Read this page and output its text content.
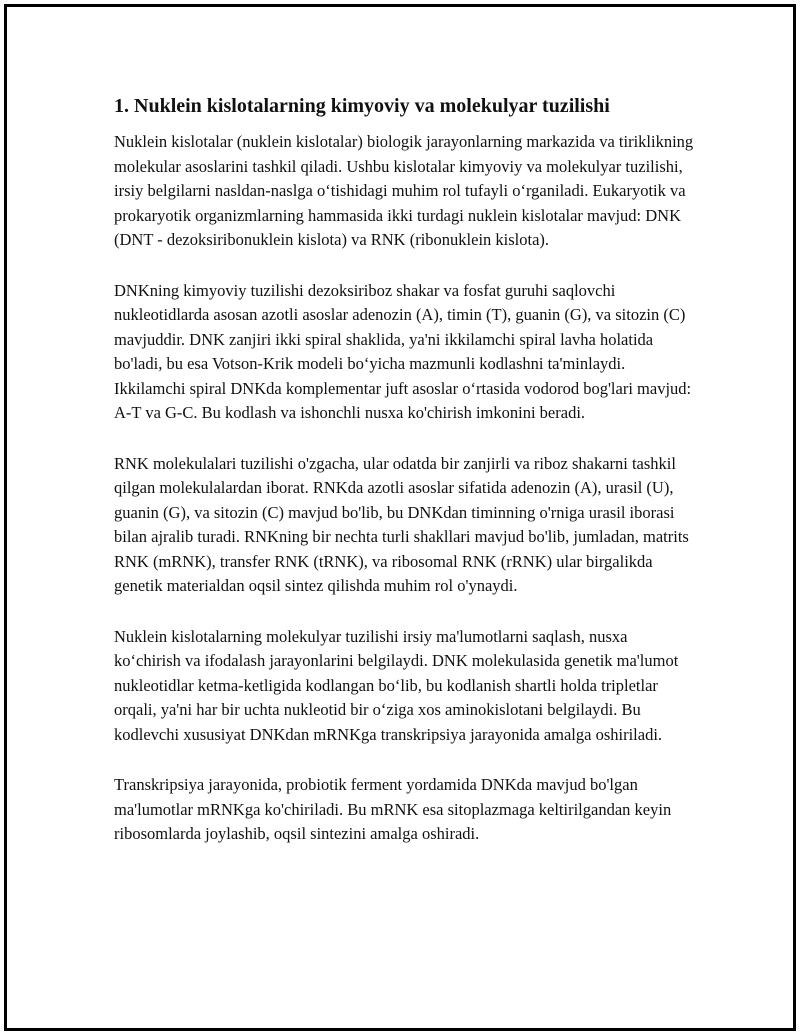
1. Nuklein kislotalarning kimyoviy va molekulyar tuzilishi

Nuklein kislotalar (nuklein kislotalar) biologik jarayonlarning markazida va tiriklikning molekular asoslarini tashkil qiladi. Ushbu kislotalar kimyoviy va molekulyar tuzilishi, irsiy belgilarni nasldan-naslga o‘tishidagi muhim rol tufayli o‘rganiladi. Eukaryotik va prokaryotik organizmlarning hammasida ikki turdagi nuklein kislotalar mavjud: DNK (DNT - dezoksiribonuklein kislota) va RNK (ribonuklein kislota).

DNKning kimyoviy tuzilishi dezoksiriboz shakar va fosfat guruhi saqlovchi nukleotidlarda asosan azotli asoslar adenozin (A), timin (T), guanin (G), va sitozin (C) mavjuddir. DNK zanjiri ikki spiral shaklida, ya'ni ikkilamchi spiral lavha holatida bo'ladi, bu esa Votson-Krik modeli bo‘yicha mazmunli kodlashni ta'minlaydi. Ikkilamchi spiral DNKda komplementar juft asoslar o‘rtasida vodorod bog'lari mavjud: A-T va G-C. Bu kodlash va ishonchli nusxa ko'chirish imkonini beradi.

RNK molekulalari tuzilishi o'zgacha, ular odatda bir zanjirli va riboz shakarni tashkil qilgan molekulalardan iborat. RNKda azotli asoslar sifatida adenozin (A), urasil (U), guanin (G), va sitozin (C) mavjud bo'lib, bu DNKdan timinning o'rniga urasil iborasi bilan ajralib turadi. RNKning bir nechta turli shakllari mavjud bo'lib, jumladan, matrits RNK (mRNK), transfer RNK (tRNK), va ribosomal RNK (rRNK) ular birgalikda genetik materialdan oqsil sintez qilishda muhim rol o'ynaydi.

Nuklein kislotalarning molekulyar tuzilishi irsiy ma'lumotlarni saqlash, nusxa ko‘chirish va ifodalash jarayonlarini belgilaydi. DNK molekulasida genetik ma'lumot nukleotidlar ketma-ketligida kodlangan bo‘lib, bu kodlanish shartli holda tripletlar orqali, ya'ni har bir uchta nukleotid bir o‘ziga xos aminokislotani belgilaydi. Bu kodlevchi xususiyat DNKdan mRNKga transkripsiya jarayonida amalga oshiriladi.

Transkripsiya jarayonida, probiotik ferment yordamida DNKda mavjud bo'lgan ma'lumotlar mRNKga ko'chiriladi. Bu mRNK esa sitoplazmaga keltirilgandan keyin ribosomlarda joylashib, oqsil sintezini amalga oshiradi.
